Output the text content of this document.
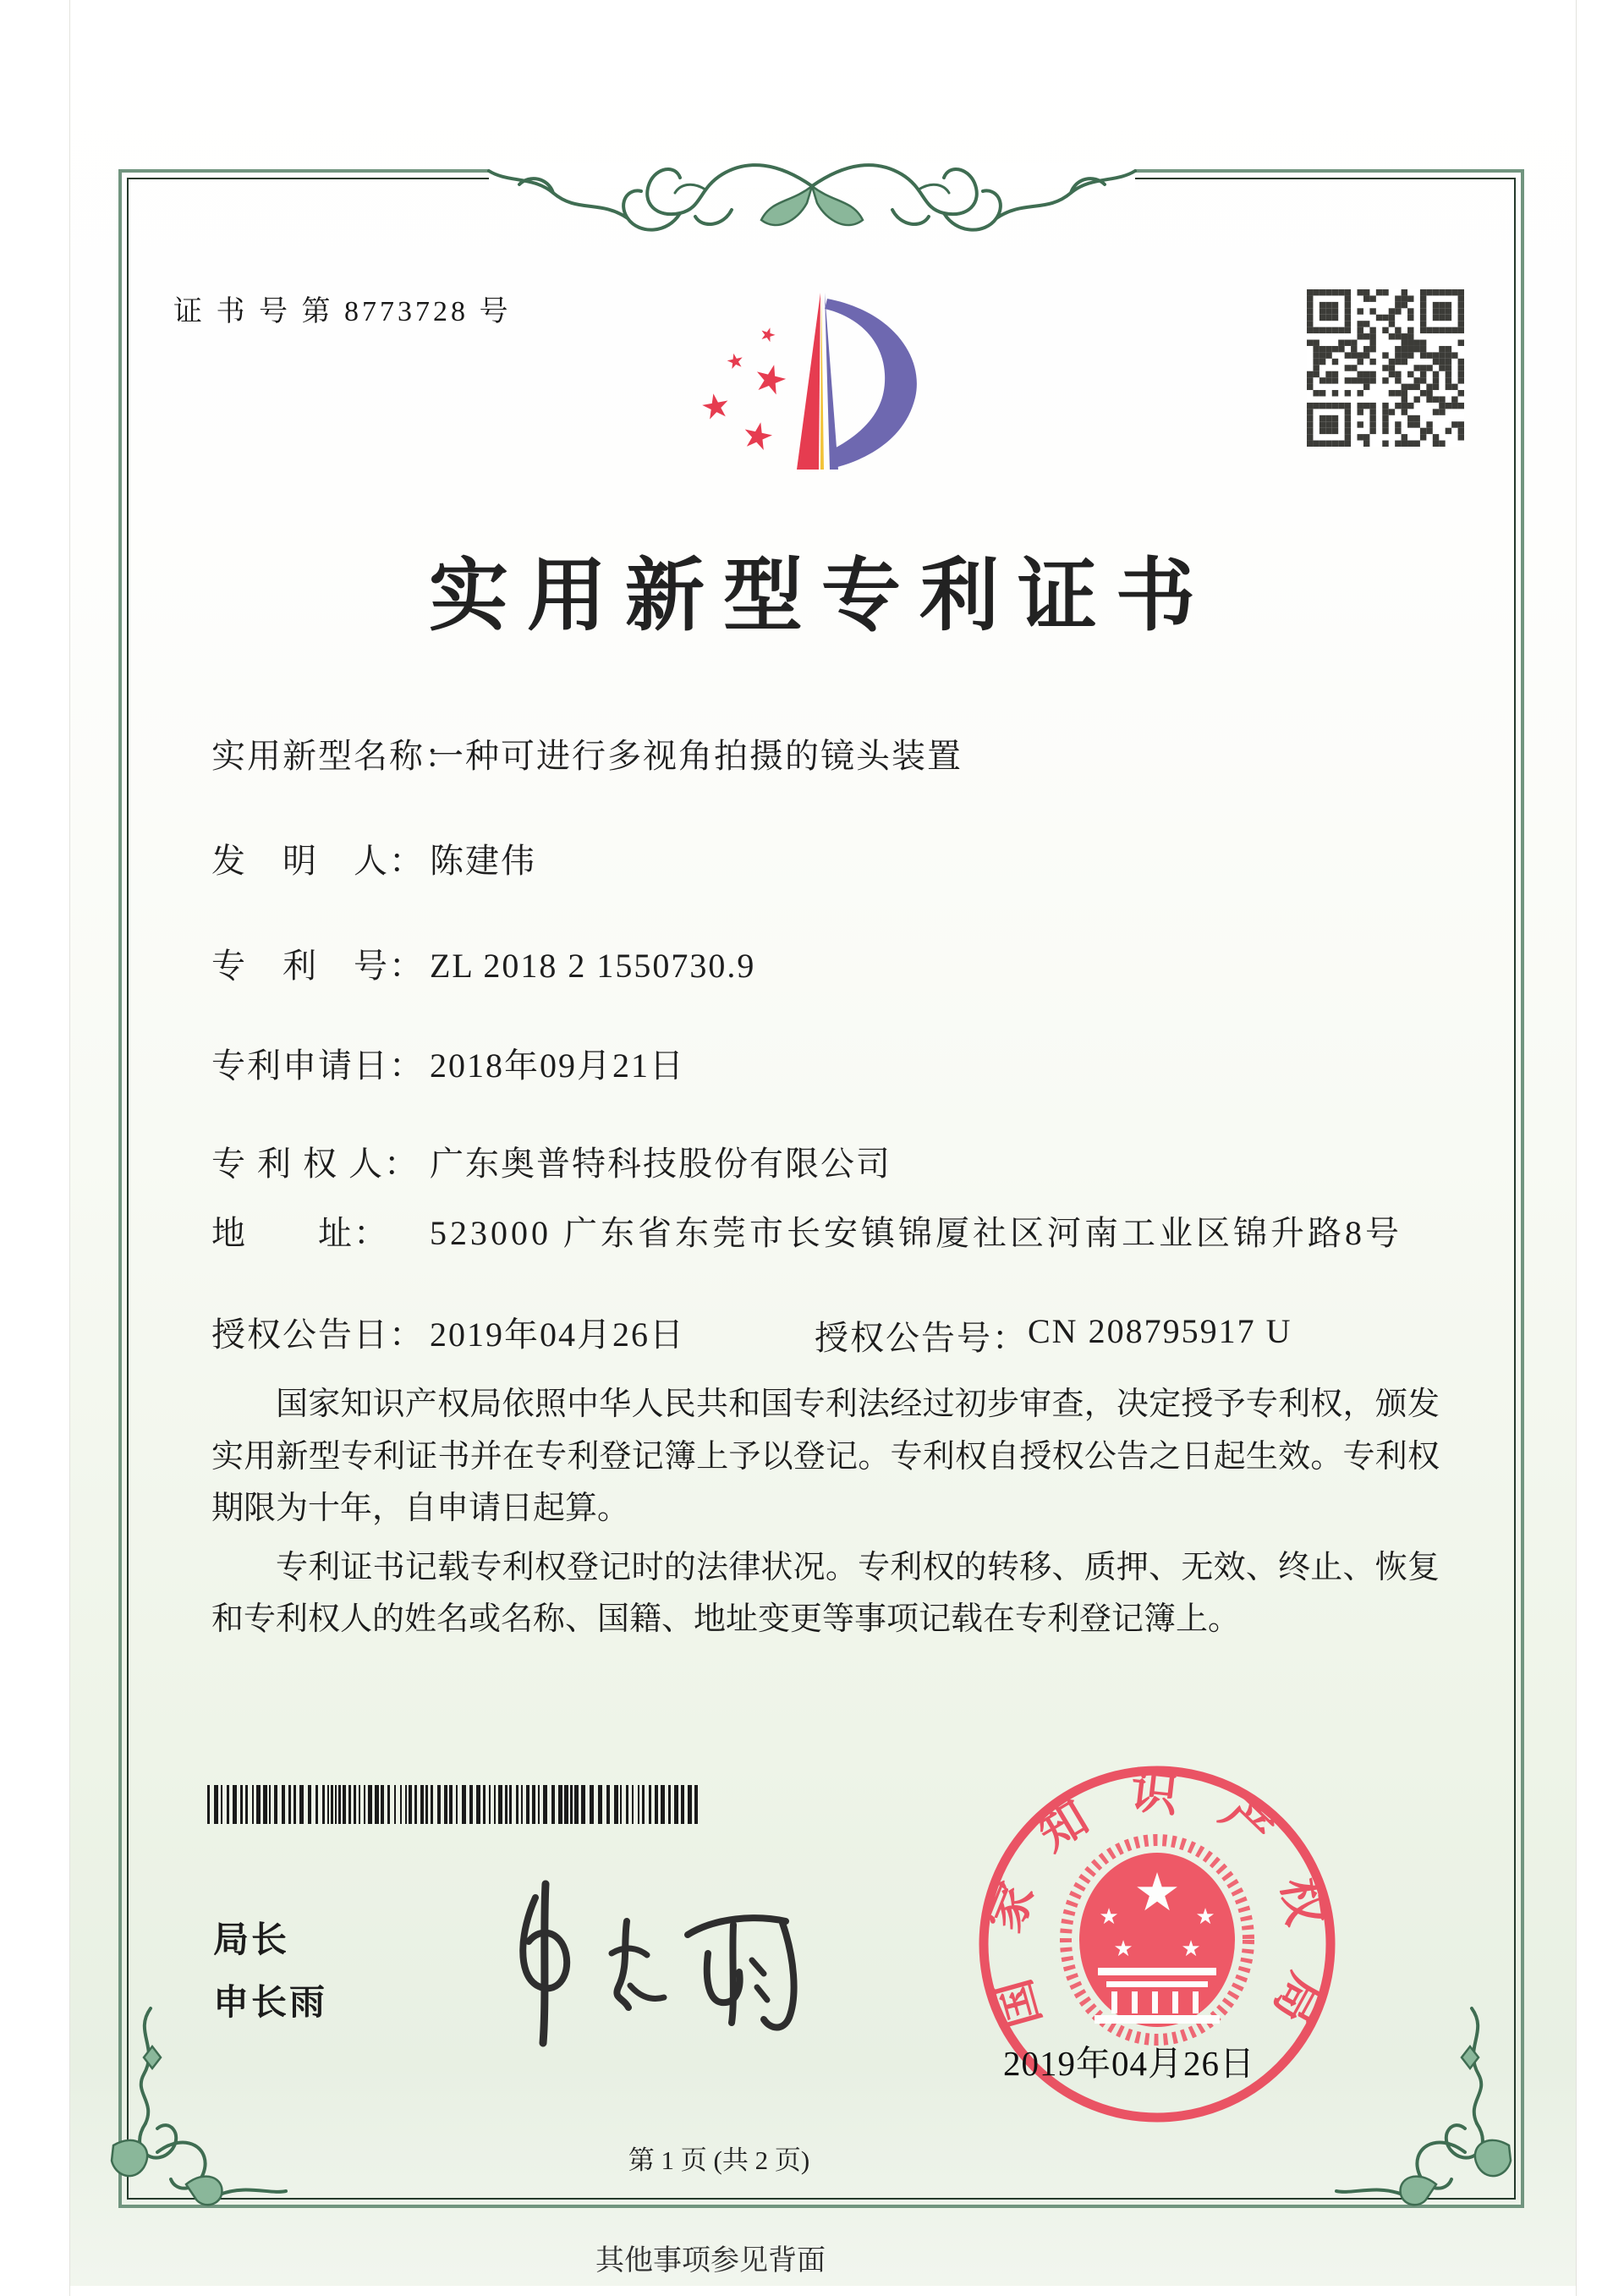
证 书 号 第 8773728 号
★
★ ★
★
★
实用新型专利证书
实用新型名称：
一种可进行多视角拍摄的镜头装置
发　明　人： 陈建伟
专　利　号： ZL 2018 2 1550730.9
专利申请日： 2018年09月21日
专 利 权 人： 广东奥普特科技股份有限公司
地　　址：	523000 广东省东莞市长安镇锦厦社区河南工业区锦升路8号
授权公告日： 2019年04月26日	授权公告号： CN 208795917 U

国家知识产权局依照中华人民共和国专利法经过初步审查，决定授予专利权，颁发实用新型专利证书并在专利登记簿上予以登记。专利权自授权公告之日起生效。专利权期限为十年，自申请日起算。

专利证书记载专利权登记时的法律状况。专利权的转移、质押、无效、终止、恢复和专利权人的姓名或名称、国籍、地址变更等事项记载在专利登记簿上。

局长
申长雨	国家知识产权局
★
★	★
★ ★
2019年04月26日
第 1 页 (共 2 页)
其他事项参见背面
